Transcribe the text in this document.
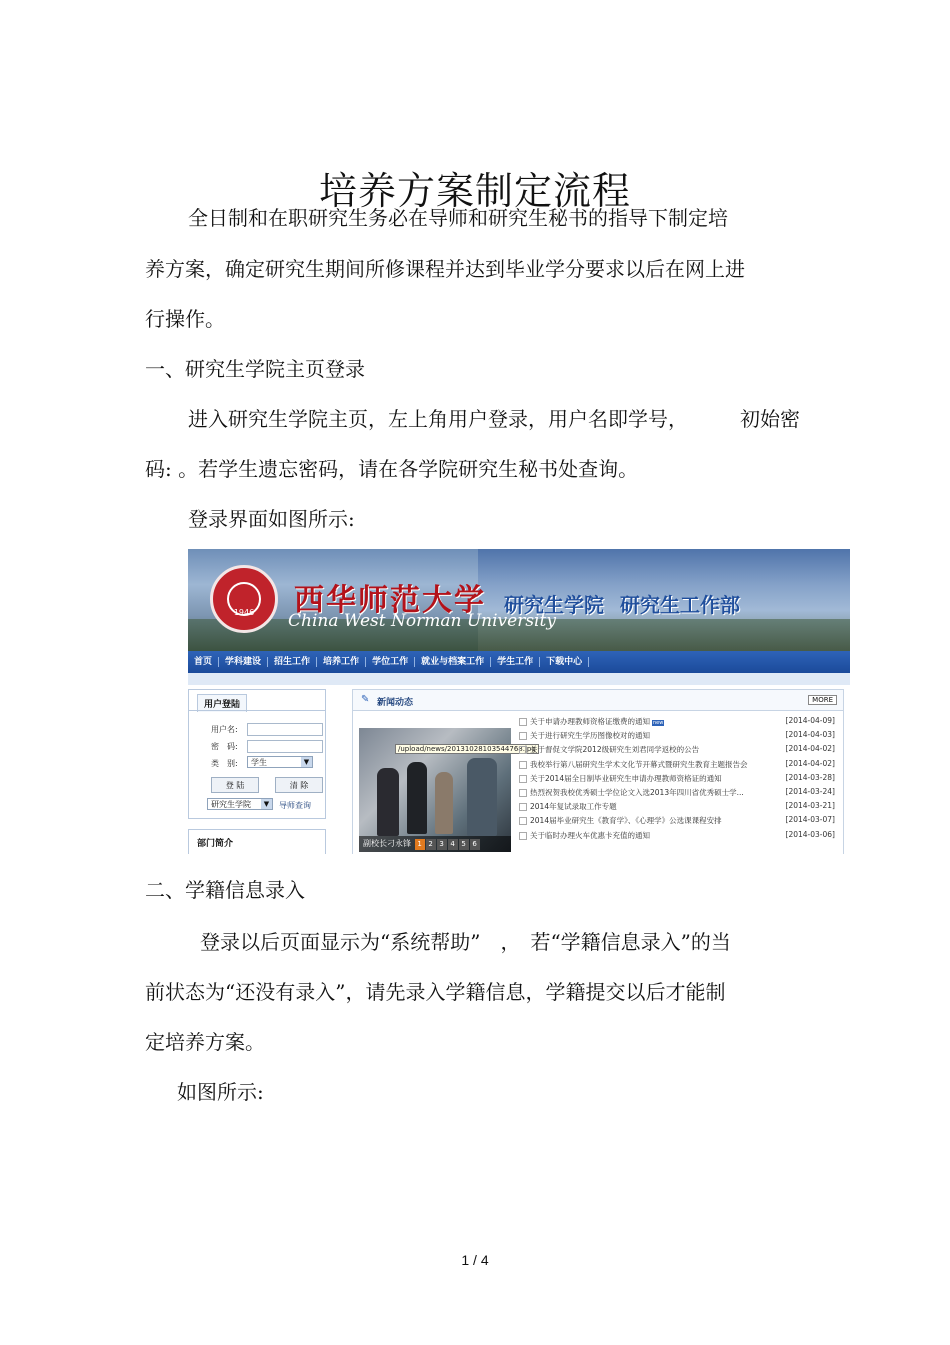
培养方案制定流程
全日制和在职研究生务必在导师和研究生秘书的指导下制定培
养方案，确定研究生期间所修课程并达到毕业学分要求以后在网上进
行操作。
一、研究生学院主页登录
进入研究生学院主页，左上角用户登录，用户名即学号，	初始密
码: 。若学生遗忘密码，请在各学院研究生秘书处查询。
登录界面如图所示:
1946	西华师范大学
China West Norman University
研究生学院 研究生工作部
首页	学科建设	招生工作	培养工作	学位工作	就业与档案工作	学生工作	下载中心
用户登陆
用户名:
密　码:
类　别:	学生	▼
登 陆	清 除
研究生学院	▼	导师查询
部门简介
✎ 新闻动态	MORE
/upload/news/20131028103544768.jpg
副校长刁永锋 1 2 3 4 5 6
关于申请办理教师资格证缴费的通知 new	[2014-04-09]
关于进行研究生学历图像校对的通知	[2014-04-03]
关于督促文学院2012级研究生刘君同学返校的公告	[2014-04-02]
我校举行第八届研究生学术文化节开幕式暨研究生教育主题报告会	[2014-04-02]
关于2014届全日制毕业研究生申请办理教师资格证的通知	[2014-03-28]
热烈祝贺我校优秀硕士学位论文入选2013年四川省优秀硕士学...	[2014-03-24]
2014年复试录取工作专题	[2014-03-21]
2014届毕业研究生《教育学》、《心理学》公选课课程安排	[2014-03-07]
关于临时办理火车优惠卡充值的通知	[2014-03-06]
二、学籍信息录入
登录以后页面显示为“系统帮助”　，　若“学籍信息录入”的当
前状态为“还没有录入”，请先录入学籍信息，学籍提交以后才能制
定培养方案。
如图所示:
1 / 4
